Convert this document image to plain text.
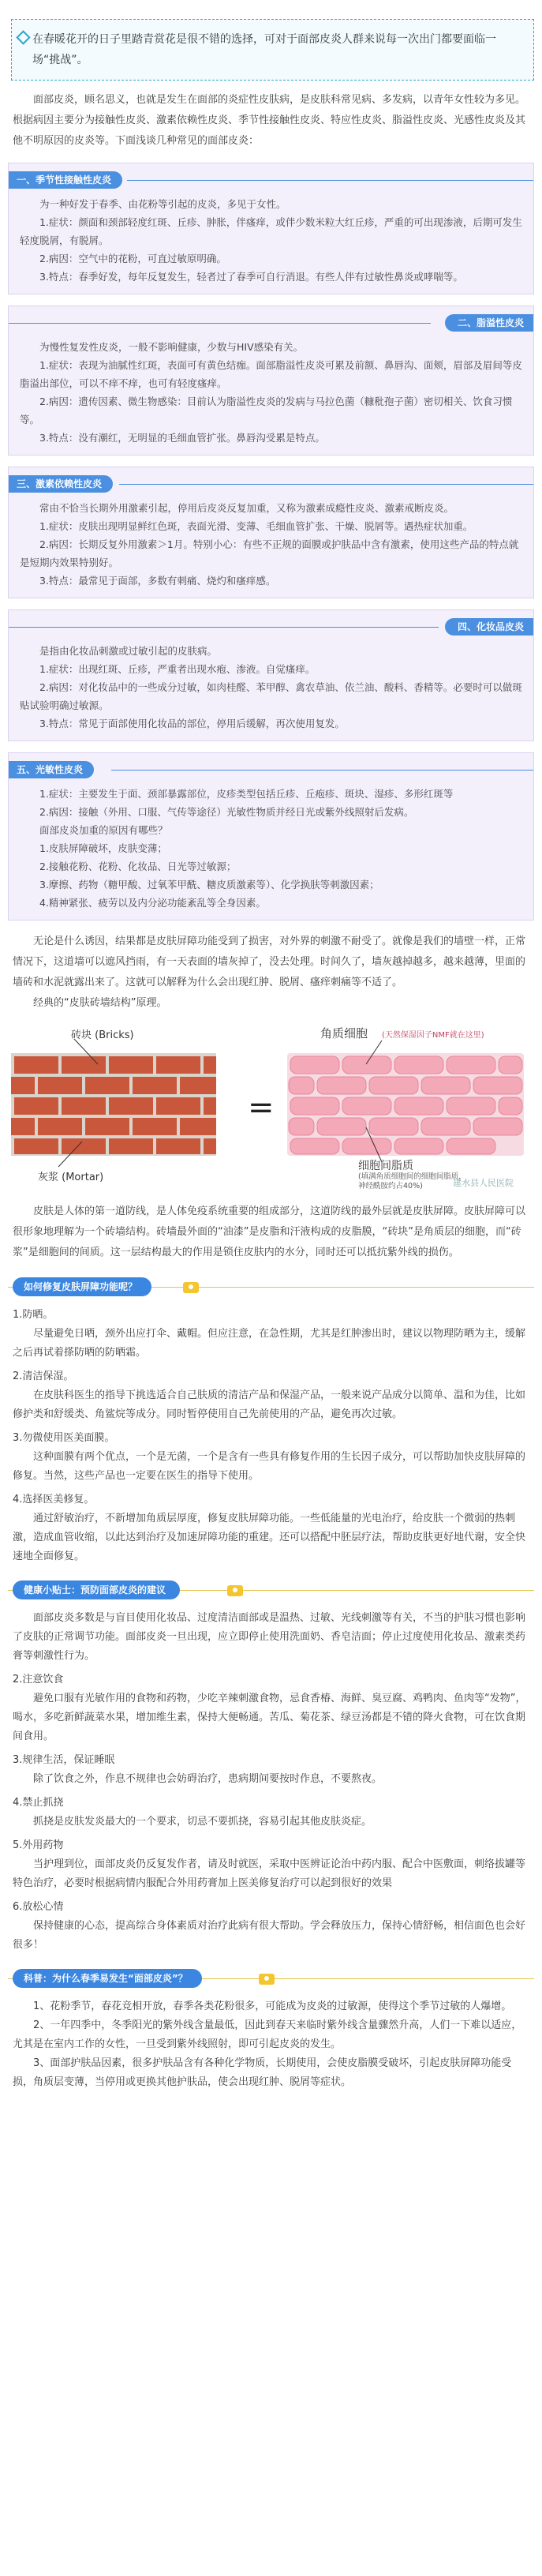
在春暖花开的日子里踏青赏花是很不错的选择，可对于面部皮炎人群来说每一次出门都要面临一场“挑战”。

面部皮炎，顾名思义，也就是发生在面部的炎症性皮肤病，是皮肤科常见病、多发病，以青年女性较为多见。根据病因主要分为接触性皮炎、激素依赖性皮炎、季节性接触性皮炎、特应性皮炎、脂溢性皮炎、光感性皮炎及其他不明原因的皮炎等。下面浅谈几种常见的面部皮炎：

一、季节性接触性皮炎

为一种好发于春季、由花粉等引起的皮炎，多见于女性。

1.症状：颜面和颈部轻度红斑、丘疹、肿胀，伴瘙痒，或伴少数米粒大红丘疹，严重的可出现渗液，后期可发生轻度脱屑，有脱屑。

2.病因：空气中的花粉，可直过敏原明确。

3.特点：春季好发，每年反复发生，轻者过了春季可自行消退。有些人伴有过敏性鼻炎或哮喘等。

二、脂溢性皮炎

为慢性复发性皮炎，一般不影响健康，少数与HIV感染有关。

1.症状：表现为油腻性红斑，表面可有黄色结痂。面部脂溢性皮炎可累及前额、鼻唇沟、面颊，眉部及眉间等皮脂溢出部位，可以不痒不痒，也可有轻度瘙痒。

2.病因：遗传因素、微生物感染：目前认为脂溢性皮炎的发病与马拉色菌（糠秕孢子菌）密切相关、饮食习惯等。

3.特点：没有潮红，无明显的毛细血管扩张。鼻唇沟受累是特点。

三、激素依赖性皮炎

常由不恰当长期外用激素引起，停用后皮炎反复加重，又称为激素成瘾性皮炎、激素戒断皮炎。

1.症状：皮肤出现明显鲜红色斑，表面光滑、变薄、毛细血管扩张、干燥、脱屑等。遇热症状加重。

2.病因：长期反复外用激素＞1月。特别小心：有些不正规的面膜或护肤品中含有激素，使用这些产品的特点就是短期内效果特别好。

3.特点：最常见于面部，多数有刺痛、烧灼和瘙痒感。

四、化妆品皮炎

是指由化妆品刺激或过敏引起的皮肤病。

1.症状：出现红斑、丘疹，严重者出现水疱、渗液。自觉瘙痒。

2.病因：对化妆品中的一些成分过敏，如肉桂醛、苯甲醇、禽农草油、依兰油、酸料、香精等。必要时可以做斑贴试验明确过敏源。

3.特点：常见于面部使用化妆品的部位，停用后缓解，再次使用复发。

五、光敏性皮炎

1.症状：主要发生于面、颈部暴露部位，皮疹类型包括丘疹、丘疱疹、斑块、湿疹、多形红斑等

2.病因：接触（外用、口服、气传等途径）光敏性物质并经日光或紫外线照射后发病。

面部皮炎加重的原因有哪些？

1.皮肤屏障破坏，皮肤变薄；

2.接触花粉、花粉、化妆品、日光等过敏源；

3.摩擦、药物（糖甲酸、过氧苯甲酰、糖皮质激素等）、化学换肤等刺激因素；

4.精神紧张、疲劳以及内分泌功能紊乱等全身因素。

无论是什么诱因，结果都是皮肤屏障功能受到了损害，对外界的刺激不耐受了。就像是我们的墙壁一样，正常情况下，这道墙可以遮风挡雨，有一天表面的墙灰掉了，没去处理。时间久了，墙灰越掉越多，越来越薄，里面的墙砖和水泥就露出来了。这就可以解释为什么会出现红肿、脱屑、瘙痒刺痛等不适了。

经典的“皮肤砖墙结构”原理。

砖块 (Bricks)
灰浆 (Mortar)
=
角质细胞 (天然保湿因子NMF就在这里)
细胞间脂质
(填满角质细胞间的细胞间脂质，
神经酰胺约占40%)	建水县人民医院

皮肤是人体的第一道防线，是人体免疫系统重要的组成部分，这道防线的最外层就是皮肤屏障。皮肤屏障可以很形象地理解为一个砖墙结构。砖墙最外面的“油漆”是皮脂和汗液构成的皮脂膜，“砖块”是角质层的细胞，而“砖浆”是细胞间的间质。这一层结构最大的作用是锁住皮肤内的水分，同时还可以抵抗紫外线的损伤。

如何修复皮肤屏障功能呢？

1.防晒。

尽量避免日晒，颈外出应打伞、戴帽。但应注意，在急性期，尤其是红肿渗出时，建议以物理防晒为主，缓解之后再试着搽防晒的防晒霜。

2.清洁保湿。

在皮肤科医生的指导下挑选适合自己肤质的清洁产品和保湿产品，一般来说产品成分以简单、温和为佳，比如修护类和舒缓类、角鲨烷等成分。同时暂停使用自己先前使用的产品，避免再次过敏。

3.勿微使用医美面膜。

这种面膜有两个优点，一个是无菌，一个是含有一些具有修复作用的生长因子成分，可以帮助加快皮肤屏障的修复。当然，这些产品也一定要在医生的指导下使用。

4.选择医美修复。

通过舒敏治疗，不新增加角质层厚度，修复皮肤屏障功能。一些低能量的光电治疗，给皮肤一个微弱的热刺激，造成血管收缩，以此达到治疗及加速屏障功能的重建。还可以搭配中胚层疗法，帮助皮肤更好地代谢，安全快速地全面修复。

健康小贴士：预防面部皮炎的建议

面部皮炎多数是与盲目使用化妆品、过度清洁面部或是温热、过敏、光线刺激等有关，不当的护肤习惯也影响了皮肤的正常调节功能。面部皮炎一旦出现，应立即停止使用洗面奶、香皂洁面；停止过度使用化妆品、激素类药膏等刺激性行为。

2.注意饮食

避免口服有光敏作用的食物和药物，少吃辛辣刺激食物，忌食香椿、海鲜、臭豆腐、鸡鸭肉、鱼肉等“发物”，喝水，多吃新鲜蔬菜水果，增加维生素，保持大便畅通。苦瓜、菊花茶、绿豆汤都是不错的降火食物，可在饮食期间食用。

3.规律生活，保证睡眠

除了饮食之外，作息不规律也会妨碍治疗，患病期间要按时作息，不要熬夜。

4.禁止抓挠

抓挠是皮肤发炎最大的一个要求，切忌不要抓挠，容易引起其他皮肤炎症。

5.外用药物

当护理到位，面部皮炎仍反复发作者，请及时就医，采取中医辨证论治中药内服、配合中医敷面，刺络拔罐等特色治疗，必要时根据病情内服配合外用药膏加上医美修复治疗可以起到很好的效果

6.放松心情

保持健康的心态，提高综合身体素质对治疗此病有很大帮助。学会释放压力，保持心情舒畅，相信面色也会好很多！

科普：为什么春季易发生“面部皮炎”？

1、花粉季节，春花竞相开放，春季各类花粉很多，可能成为皮炎的过敏源，使得这个季节过敏的人爆增。

2、一年四季中，冬季阳光的紫外线含量最低，因此到春天来临时紫外线含量骤然升高，人们一下难以适应，尤其是在室内工作的女性，一旦受到紫外线照射，即可引起皮炎的发生。

3、面部护肤品因素，很多护肤品含有各种化学物质，长期使用，会使皮脂膜受破坏，引起皮肤屏障功能受损，角质层变薄，当停用或更换其他护肤品，使会出现红肿、脱屑等症状。
